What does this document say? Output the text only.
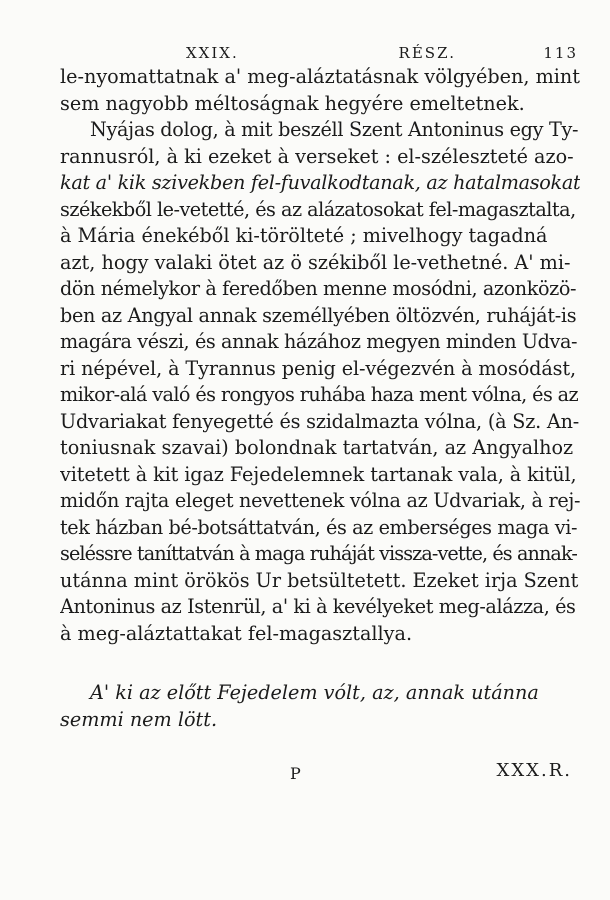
XXIX.	RÉSZ.	113
le-nyomattatnak a' meg-aláztatásnak völgyében, mint
sem nagyobb méltoságnak hegyére emeltetnek.
Nyájas dolog, à mit beszéll Szent Antoninus egy Ty-
rannusról, à ki ezeket à verseket : el-széleszteté azo-
kat a' kik szivekben fel-fuvalkodtanak, az hatalmasokat
székekből le-vetetté, és az alázatosokat fel-magasztalta,
à Mária énekéből ki-törölteté ; mivelhogy tagadná
azt, hogy valaki ötet az ö székiből le-vethetné. A' mi-
dön némelykor à feredőben menne mosódni, azonközö-
ben az Angyal annak személlyében öltözvén, ruháját-is
magára vészi, és annak házához megyen minden Udva-
ri népével, à Tyrannus penig el-végezvén à mosódást,
mikor-alá való és rongyos ruhába haza ment vólna, és az
Udvariakat fenyegetté és szidalmazta vólna, (à Sz. An-
toniusnak szavai) bolondnak tartatván, az Angyalhoz
vitetett à kit igaz Fejedelemnek tartanak vala, à kitül,
midőn rajta eleget nevettenek vólna az Udvariak, à rej-
tek házban bé-botsáttatván, és az emberséges maga vi-
seléssre taníttatván à maga ruháját vissza-vette, és annak-
utánna mint örökös Ur betsültetett. Ezeket irja Szent
Antoninus az Istenrül, a' ki à kevélyeket meg-alázza, és
à meg-aláztattakat fel-magasztallya.
A' ki az előtt Fejedelem vólt, az, annak utánna
semmi nem lött.
P	XXX.R.
